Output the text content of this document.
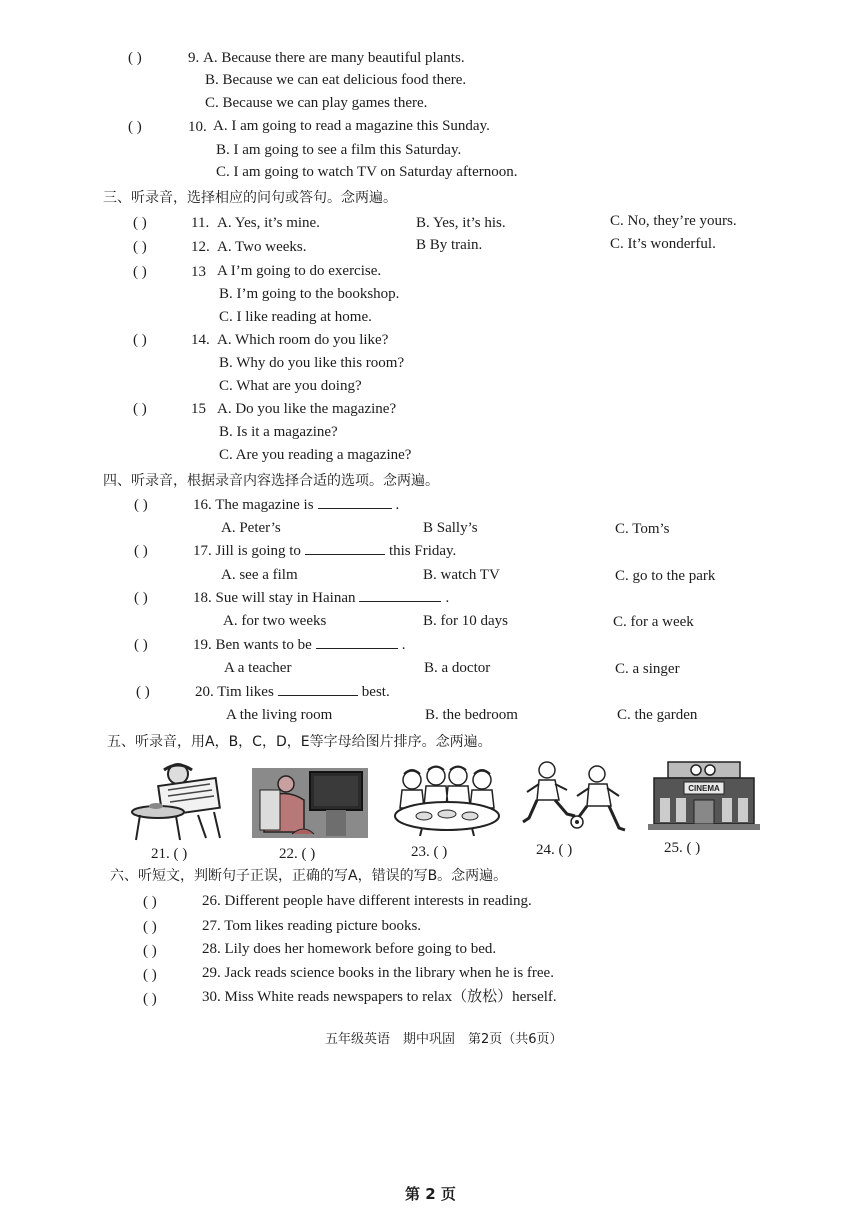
( )	9. A. Because there are many beautiful plants.
B. Because we can eat delicious food there.
C. Because we can play games there.
( )	10. A. I am going to read a magazine this Sunday.
B. I am going to see a film this Saturday.
C. I am going to watch TV on Saturday afternoon.
三、听录音，选择相应的问句或答句。念两遍。
( )	11. A. Yes, it’s mine.	B. Yes, it’s his.	C. No, they’re yours.
( )	12. A. Two weeks.	B By train.	C. It’s wonderful.
( )	13 A I’m going to do exercise.
B. I’m going to the bookshop.
C. I like reading at home.
( )	14. A. Which room do you like?
B. Why do you like this room?
C. What are you doing?
( )	15 A. Do you like the magazine?
B. Is it a magazine?
C. Are you reading a magazine?
四、听录音，根据录音内容选择合适的选项。念两遍。
( )	16. The magazine is	.
A. Peter’s	B Sally’s	C. Tom’s
( )	17. Jill is going to	this Friday.
A. see a film	B. watch TV	C. go to the park
( )	18. Sue will stay in Hainan	.
A. for two weeks	B. for 10 days	C. for a week
( )	19. Ben wants to be	.
A a teacher	B. a doctor	C. a singer
( )	20. Tim likes	best.
A the living room	B. the bedroom	C. the garden
五、听录音，用A，B，C，D，E等字母给图片排序。念两遍。
CINEMA
21. ( )	22. ( )	23. ( )	24. ( )	25. ( )
六、听短文，判断句子正误，正确的写A，错误的写B。念两遍。
( )	26. Different people have different interests in reading.
( )	27. Tom likes reading picture books.
( )	28. Lily does her homework before going to bed.
( )	29. Jack reads science books in the library when he is free.
( )	30. Miss White reads newspapers to relax（放松）herself.
五年级英语　期中巩固　第2页（共6页）
第 2 页
